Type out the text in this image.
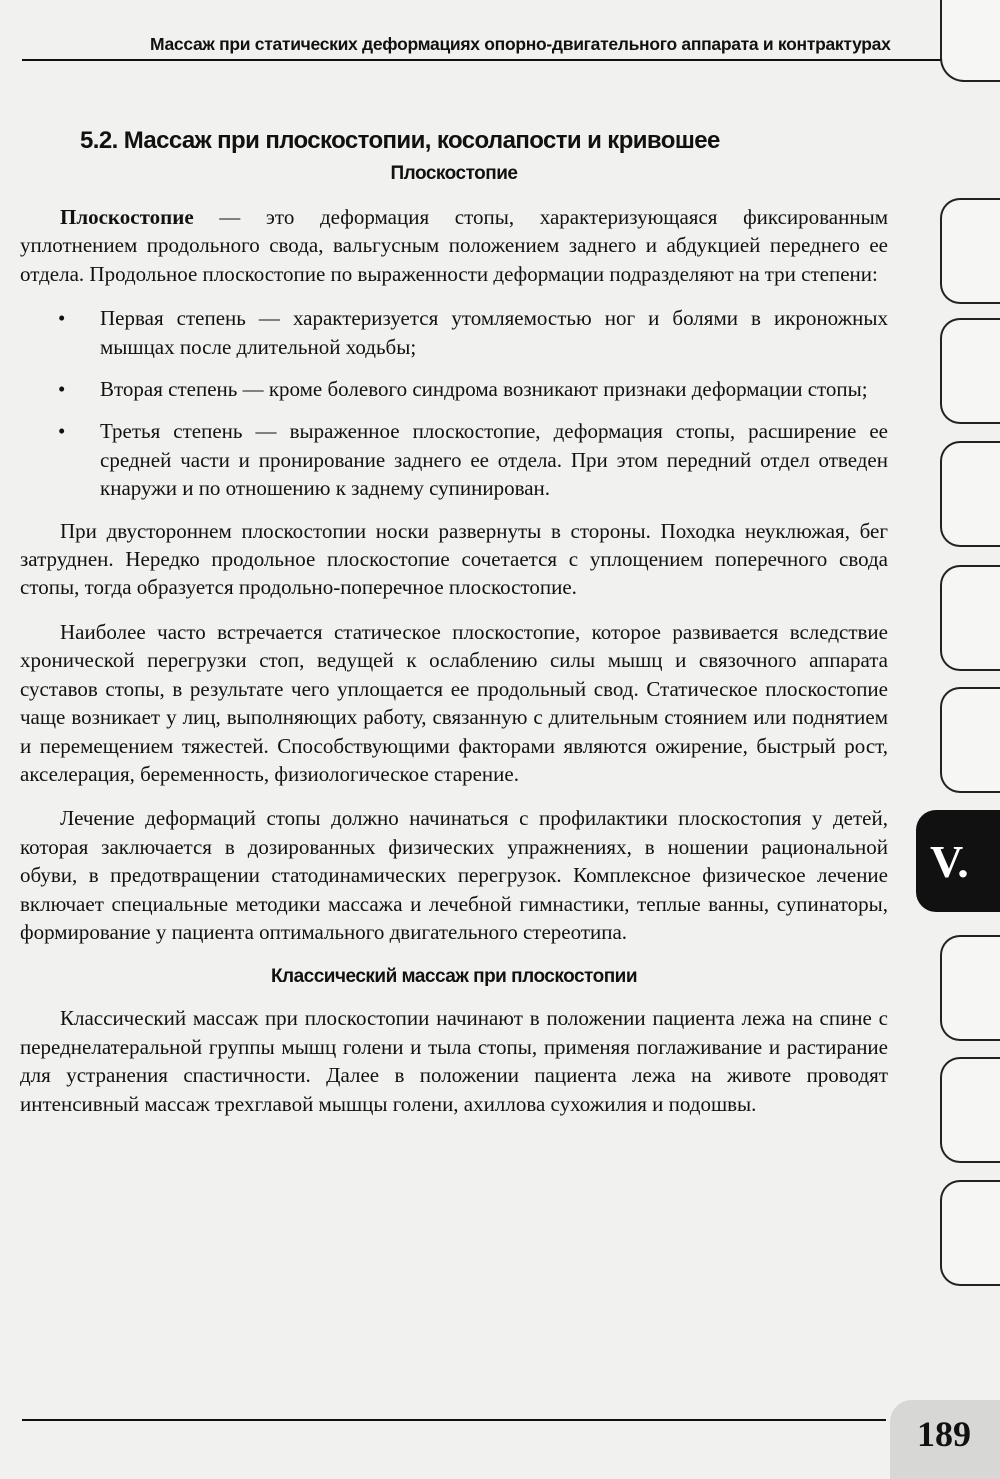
Массаж при статических деформациях опорно-двигательного аппарата и контрактурах
V.
5.2. Массаж при плоскостопии, косолапости и кривошее
Плоскостопие

Плоскостопие — это деформация стопы, характеризующаяся фиксированным уплотнением продольного свода, вальгусным положением заднего и абдукцией переднего ее отдела. Продольное плоскостопие по выраженности деформации подразделяют на три степени:

• Первая степень — характеризуется утомляемостью ног и болями в икроножных мышцах после длительной ходьбы;
• Вторая степень — кроме болевого синдрома возникают признаки деформации стопы;
• Третья степень — выраженное плоскостопие, деформация стопы, расширение ее средней части и пронирование заднего ее отдела. При этом передний отдел отведен кнаружи и по отношению к заднему супинирован.

При двустороннем плоскостопии носки развернуты в стороны. Походка неуклюжая, бег затруднен. Нередко продольное плоскостопие сочетается с уплощением поперечного свода стопы, тогда образуется продольно-поперечное плоскостопие.

Наиболее часто встречается статическое плоскостопие, которое развивается вследствие хронической перегрузки стоп, ведущей к ослаблению силы мышц и связочного аппарата суставов стопы, в результате чего уплощается ее продольный свод. Статическое плоскостопие чаще возникает у лиц, выполняющих работу, связанную с длительным стоянием или поднятием и перемещением тяжестей. Способствующими факторами являются ожирение, быстрый рост, акселерация, беременность, физиологическое старение.

Лечение деформаций стопы должно начинаться с профилактики плоскостопия у детей, которая заключается в дозированных физических упражнениях, в ношении рациональной обуви, в предотвращении статодинамических перегрузок. Комплексное физическое лечение включает специальные методики массажа и лечебной гимнастики, теплые ванны, супинаторы, формирование у пациента оптимального двигательного стереотипа.

Классический массаж при плоскостопии

Классический массаж при плоскостопии начинают в положении пациента лежа на спине с переднелатеральной группы мышц голени и тыла стопы, применяя поглаживание и растирание для устранения спастичности. Далее в положении пациента лежа на животе проводят интенсивный массаж трехглавой мышцы голени, ахиллова сухожилия и подошвы.

189
